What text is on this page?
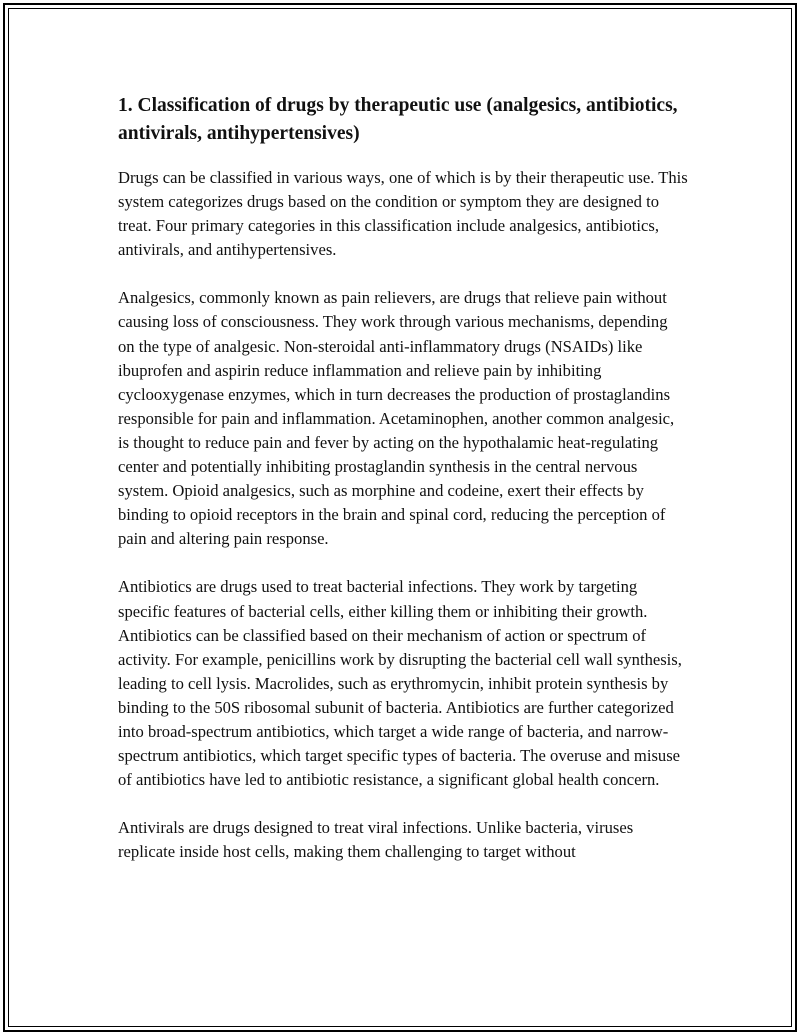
1. Classification of drugs by therapeutic use (analgesics, antibiotics, antivirals, antihypertensives)

Drugs can be classified in various ways, one of which is by their therapeutic use. This system categorizes drugs based on the condition or symptom they are designed to treat. Four primary categories in this classification include analgesics, antibiotics, antivirals, and antihypertensives.

Analgesics, commonly known as pain relievers, are drugs that relieve pain without causing loss of consciousness. They work through various mechanisms, depending on the type of analgesic. Non-steroidal anti-inflammatory drugs (NSAIDs) like ibuprofen and aspirin reduce inflammation and relieve pain by inhibiting cyclooxygenase enzymes, which in turn decreases the production of prostaglandins responsible for pain and inflammation. Acetaminophen, another common analgesic, is thought to reduce pain and fever by acting on the hypothalamic heat-regulating center and potentially inhibiting prostaglandin synthesis in the central nervous system. Opioid analgesics, such as morphine and codeine, exert their effects by binding to opioid receptors in the brain and spinal cord, reducing the perception of pain and altering pain response.

Antibiotics are drugs used to treat bacterial infections. They work by targeting specific features of bacterial cells, either killing them or inhibiting their growth. Antibiotics can be classified based on their mechanism of action or spectrum of activity. For example, penicillins work by disrupting the bacterial cell wall synthesis, leading to cell lysis. Macrolides, such as erythromycin, inhibit protein synthesis by binding to the 50S ribosomal subunit of bacteria. Antibiotics are further categorized into broad-spectrum antibiotics, which target a wide range of bacteria, and narrow-spectrum antibiotics, which target specific types of bacteria. The overuse and misuse of antibiotics have led to antibiotic resistance, a significant global health concern.

Antivirals are drugs designed to treat viral infections. Unlike bacteria, viruses replicate inside host cells, making them challenging to target without
